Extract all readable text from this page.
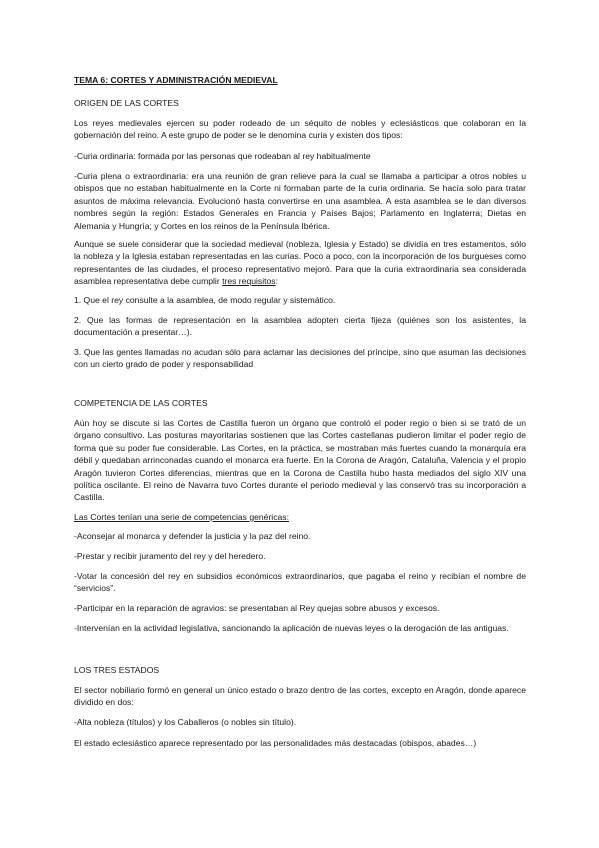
TEMA 6: CORTES Y ADMINISTRACIÓN MEDIEVAL

ORIGEN DE LAS CORTES

Los reyes medievales ejercen su poder rodeado de un séquito de nobles y eclesiásticos que colaboran en la gobernación del reino. A este grupo de poder se le denomina curia y existen dos tipos:

-Curia ordinaria: formada por las personas que rodeaban al rey habitualmente

-Curia plena o extraordinaria: era una reunión de gran relieve para la cual se llamaba a participar a otros nobles u obispos que no estaban habitualmente en la Corte ni formaban parte de la curia ordinaria. Se hacía solo para tratar asuntos de máxima relevancia. Evolucionó hasta convertirse en una asamblea. A esta asamblea se le dan diversos nombres según la región: Estados Generales en Francia y Países Bajos; Parlamento en Inglaterra; Dietas en Alemania y Hungría; y Cortes en los reinos de la Península Ibérica.

Aunque se suele considerar que la sociedad medieval (nobleza, Iglesia y Estado) se dividía en tres estamentos, sólo la nobleza y la Iglesia estaban representadas en las curias. Poco a poco, con la incorporación de los burgueses como representantes de las ciudades, el proceso representativo mejoró. Para que la curia extraordinaria sea considerada asamblea representativa debe cumplir tres requisitos:

1. Que el rey consulte a la asamblea, de modo regular y sistemático.

2. Que las formas de representación en la asamblea adopten cierta fijeza (quiénes son los asistentes, la documentación a presentar…).

3. Que las gentes llamadas no acudan sólo para aclamar las decisiones del príncipe, sino que asuman las decisiones con un cierto grado de poder y responsabilidad

COMPETENCIA DE LAS CORTES

Aún hoy se discute si las Cortes de Castilla fueron un órgano que controló el poder regio o bien si se trató de un órgano consultivo. Las posturas mayoritarias sostienen que las Cortes castellanas pudieron limitar el poder regio de forma que su poder fue considerable. Las Cortes, en la práctica, se mostraban más fuertes cuando la monarquía era débil y quedaban arrinconadas cuando el monarca era fuerte. En la Corona de Aragón, Cataluña, Valencia y el propio Aragón tuvieron Cortes diferencias, mientras que en la Corona de Castilla hubo hasta mediados del siglo XIV una política oscilante. El reino de Navarra tuvo Cortes durante el periodo medieval y las conservó tras su incorporación a Castilla.

Las Cortes tenían una serie de competencias genéricas:

-Aconsejar al monarca y defender la justicia y la paz del reino.

-Prestar y recibir juramento del rey y del heredero.

-Votar la concesión del rey en subsidios económicos extraordinarios, que pagaba el reino y recibían el nombre de “servicios”.

-Participar en la reparación de agravios: se presentaban al Rey quejas sobre abusos y excesos.

-Intervenían en la actividad legislativa, sancionando la aplicación de nuevas leyes o la derogación de las antiguas.

LOS TRES ESTADOS

El sector nobiliario formó en general un único estado o brazo dentro de las cortes, excepto en Aragón, donde aparece dividido en dos:

-Alta nobleza (títulos) y los Caballeros (o nobles sin título).

El estado eclesiástico aparece representado por las personalidades más destacadas (obispos, abades…)
